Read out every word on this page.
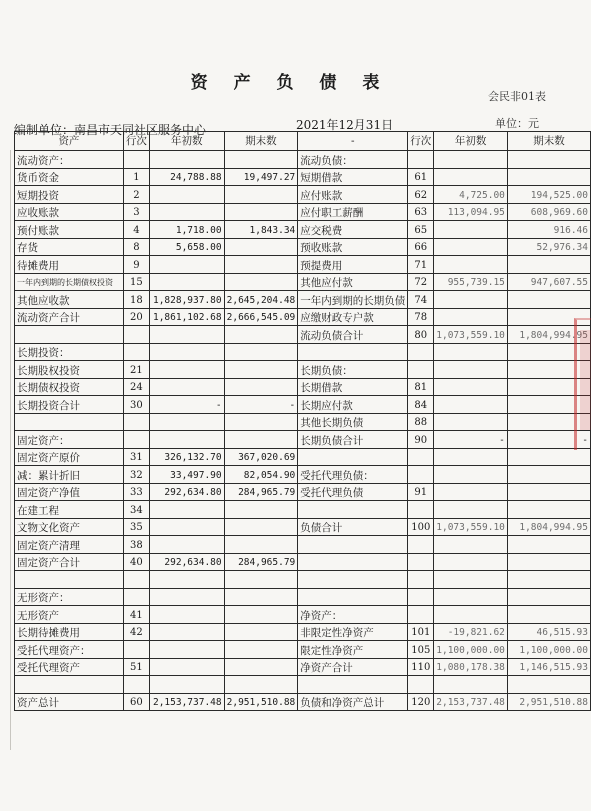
资 产 负 债 表
会民非01表
单位：元
编制单位：南昌市天同社区服务中心	2021年12月31日
资产	行次	年初数	期末数	-	行次	年初数	期末数
流动资产：				流动负债：			
货币资金	1	24,788.88	19,497.27	短期借款	61		
短期投资	2			应付账款	62	4,725.00	194,525.00
应收账款	3			应付职工薪酬	63	113,094.95	608,969.60
预付账款	4	1,718.00	1,843.34	应交税费	65		916.46
存货	8	5,658.00		预收账款	66		52,976.34
待摊费用	9			预提费用	71		
一年内到期的长期债权投资	15			其他应付款	72	955,739.15	947,607.55
其他应收款	18	1,828,937.80	2,645,204.48	一年内到期的长期负债	74		
流动资产合计	20	1,861,102.68	2,666,545.09	应缴财政专户款	78		
				流动负债合计	80	1,073,559.10	1,804,994.95
长期投资：							
长期股权投资	21			长期负债：			
长期债权投资	24			长期借款	81		
长期投资合计	30	-	-	长期应付款	84		
				其他长期负债	88		
固定资产：				长期负债合计	90	-	-
固定资产原价	31	326,132.70	367,020.69				
减：累计折旧	32	33,497.90	82,054.90	受托代理负债：			
固定资产净值	33	292,634.80	284,965.79	受托代理负债	91		
在建工程	34						
文物文化资产	35			负债合计	100	1,073,559.10	1,804,994.95
固定资产清理	38						
固定资产合计	40	292,634.80	284,965.79				

无形资产：							
无形资产	41			净资产：			
长期待摊费用	42			非限定性净资产	101	-19,821.62	46,515.93
受托代理资产：				限定性净资产	105	1,100,000.00	1,100,000.00
受托代理资产	51			净资产合计	110	1,080,178.38	1,146,515.93

资产总计	60	2,153,737.48	2,951,510.88	负债和净资产总计	120	2,153,737.48	2,951,510.88
